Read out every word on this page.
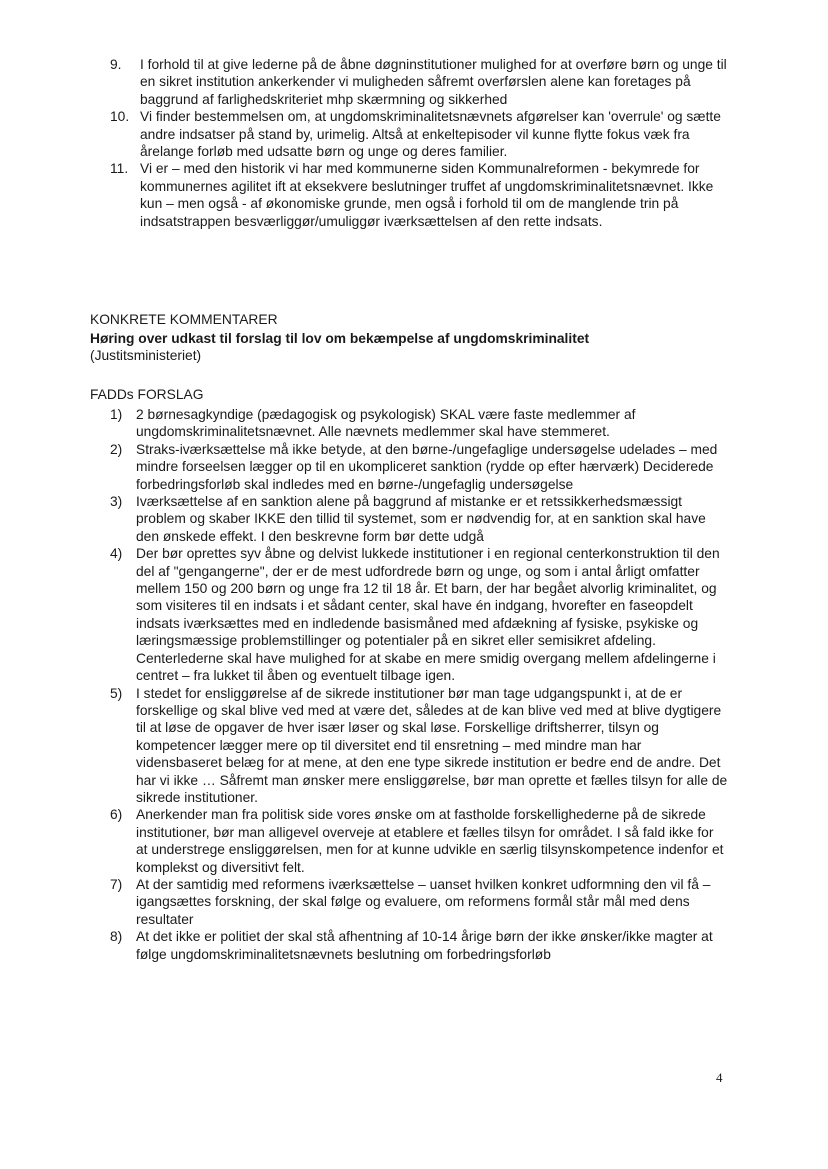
9. I forhold til at give lederne på de åbne døgninstitutioner mulighed for at overføre børn og unge til en sikret institution ankerkender vi muligheden såfremt overførslen alene kan foretages på baggrund af farlighedskriteriet mhp skærmning og sikkerhed
10. Vi finder bestemmelsen om, at ungdomskriminalitetsnævnets afgørelser kan 'overrule' og sætte andre indsatser på stand by, urimelig. Altså at enkeltepisoder vil kunne flytte fokus væk fra årelange forløb med udsatte børn og unge og deres familier.
11. Vi er – med den historik vi har med kommunerne siden Kommunalreformen - bekymrede for kommunernes agilitet ift at eksekvere beslutninger truffet af ungdomskriminalitetsnævnet. Ikke kun – men også - af økonomiske grunde, men også i forhold til om de manglende trin på indsatstrappen besværliggør/umuliggør iværksættelsen af den rette indsats.

KONKRETE KOMMENTARER

Høring over udkast til forslag til lov om bekæmpelse af ungdomskriminalitet

(Justitsministeriet)

FADDs FORSLAG

1) 2 børnesagkyndige (pædagogisk og psykologisk) SKAL være faste medlemmer af ungdomskriminalitetsnævnet. Alle nævnets medlemmer skal have stemmeret.
2) Straks-iværksættelse må ikke betyde, at den børne-/ungefaglige undersøgelse udelades – med mindre forseelsen lægger op til en ukompliceret sanktion (rydde op efter hærværk) Deciderede forbedringsforløb skal indledes med en børne-/ungefaglig undersøgelse
3) Iværksættelse af en sanktion alene på baggrund af mistanke er et retssikkerhedsmæssigt problem og skaber IKKE den tillid til systemet, som er nødvendig for, at en sanktion skal have den ønskede effekt. I den beskrevne form bør dette udgå
4) Der bør oprettes syv åbne og delvist lukkede institutioner i en regional centerkonstruktion til den del af "gengangerne", der er de mest udfordrede børn og unge, og som i antal årligt omfatter mellem 150 og 200 børn og unge fra 12 til 18 år. Et barn, der har begået alvorlig kriminalitet, og som visiteres til en indsats i et sådant center, skal have én indgang, hvorefter en faseopdelt indsats iværksættes med en indledende basismåned med afdækning af fysiske, psykiske og læringsmæssige problemstillinger og potentialer på en sikret eller semisikret afdeling. Centerlederne skal have mulighed for at skabe en mere smidig overgang mellem afdelingerne i centret – fra lukket til åben og eventuelt tilbage igen.
5) I stedet for ensliggørelse af de sikrede institutioner bør man tage udgangspunkt i, at de er forskellige og skal blive ved med at være det, således at de kan blive ved med at blive dygtigere til at løse de opgaver de hver især løser og skal løse. Forskellige driftsherrer, tilsyn og kompetencer lægger mere op til diversitet end til ensretning – med mindre man har vidensbaseret belæg for at mene, at den ene type sikrede institution er bedre end de andre. Det har vi ikke … Såfremt man ønsker mere ensliggørelse, bør man oprette et fælles tilsyn for alle de sikrede institutioner.
6) Anerkender man fra politisk side vores ønske om at fastholde forskellighederne på de sikrede institutioner, bør man alligevel overveje at etablere et fælles tilsyn for området. I så fald ikke for at understrege ensliggørelsen, men for at kunne udvikle en særlig tilsynskompetence indenfor et komplekst og diversitivt felt.
7) At der samtidig med reformens iværksættelse – uanset hvilken konkret udformning den vil få – igangsættes forskning, der skal følge og evaluere, om reformens formål står mål med dens resultater
8) At det ikke er politiet der skal stå afhentning af 10-14 årige børn der ikke ønsker/ikke magter at følge ungdomskriminalitetsnævnets beslutning om forbedringsforløb

4
